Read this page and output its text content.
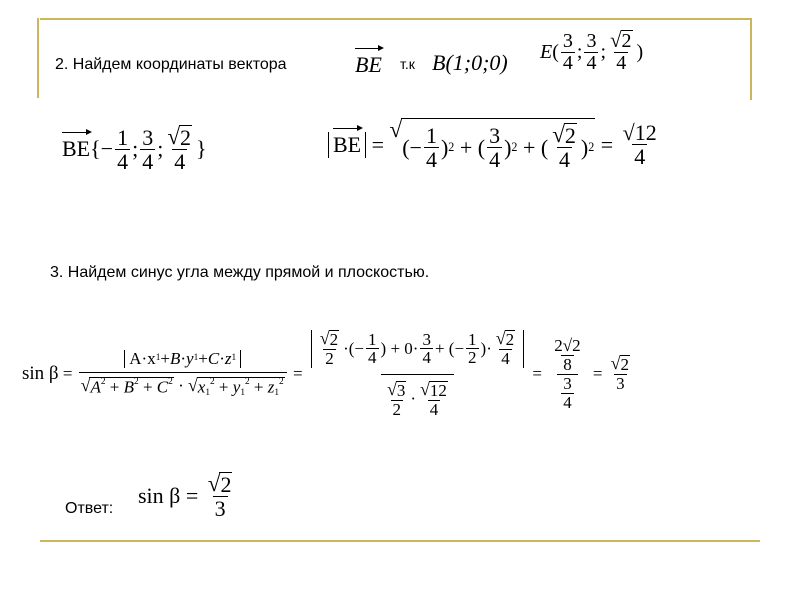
2. Найдем координаты вектора	BE т.к B(1;0;0) E ( $\frac{3}{4}$ ; $\frac{3}{4}$ ; $\frac{√ 2}{4}$ )
BE {− $\frac{1}{4}$ ; $\frac{3}{4}$ ; $\frac{√ 2}{4}$ }	BE =
√
(− $\frac{1}{4}$ ) 2 + ( $\frac{3}{4}$ ) 2 + ( $\frac{√ 2}{4}$ ) $2 = \frac{√12}{4}$
3. Найдем синус угла между прямой и плоскостью.
$\sin \beta = \frac{A\cdot x 1 + B \cdot y 1 + C \cdot z 1}{√ A^2 + B^2 + C^2 \cdot √ x_1^2 + y_1^2 + z_1^2} = \frac{\frac{√ 2}{2} \cdot(- \frac{1}{4} ) + 0\cdot \frac{3}{4} + (- \frac{1}{2} )\cdot \frac{√ 2}{4}}{\frac{√ 3}{2} \cdot \frac{√ 12}{4}} = \frac{\frac{2√2}{8}}{\frac{3}{4}} = \frac{√ 2}{3}$
Ответ:
$\sin \beta = \frac{√ 2}{3}$
